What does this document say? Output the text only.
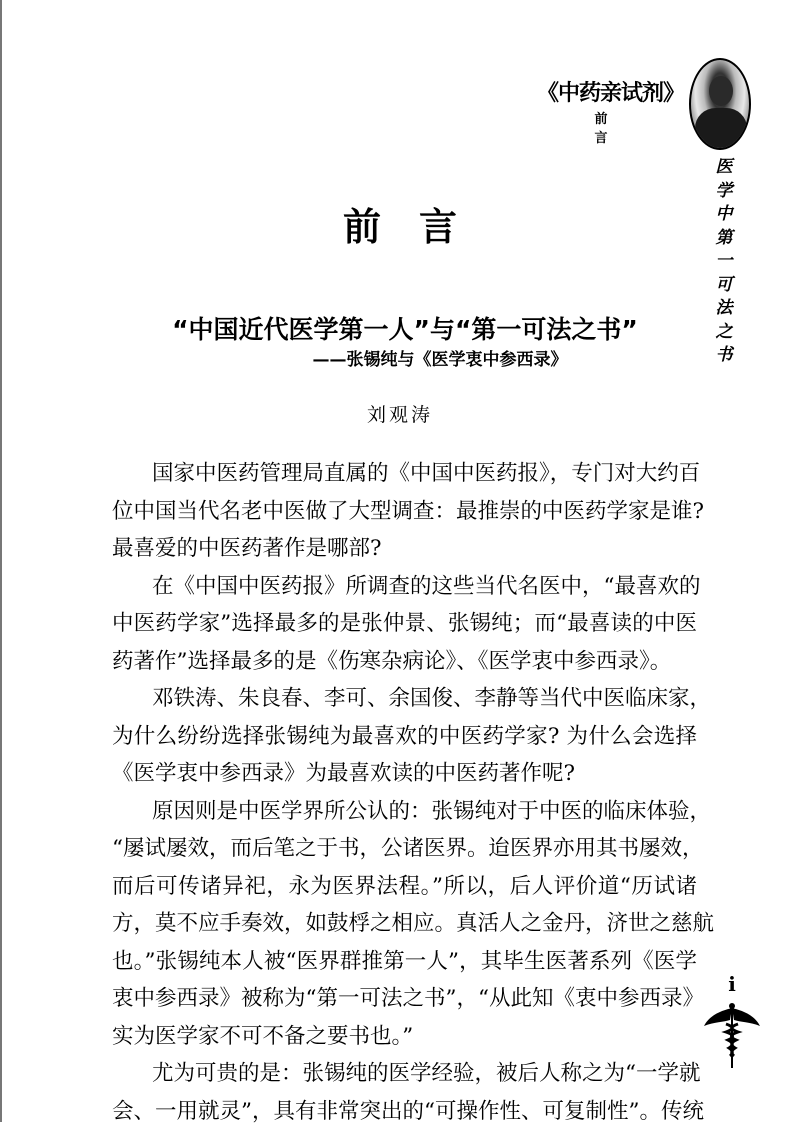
《中药亲试剂》
前 言
医
学
中
第
一
可
法
之
书
前言
“中国近代医学第一人”与“第一可法之书”
——张锡纯与《医学衷中参西录》
刘观涛
国家中医药管理局直属的《中国中医药报》，专门对大约百
位中国当代名老中医做了大型调查：最推崇的中医药学家是谁?
最喜爱的中医药著作是哪部?
在《中国中医药报》所调查的这些当代名医中，“最喜欢的
中医药学家”选择最多的是张仲景、张锡纯；而“最喜读的中医
药著作”选择最多的是《伤寒杂病论》、《医学衷中参西录》。
邓铁涛、朱良春、李可、余国俊、李静等当代中医临床家，
为什么纷纷选择张锡纯为最喜欢的中医药学家? 为什么会选择
《医学衷中参西录》为最喜欢读的中医药著作呢?
原因则是中医学界所公认的：张锡纯对于中医的临床体验，
“屡试屡效，而后笔之于书，公诸医界。迨医界亦用其书屡效，
而后可传诸异祀，永为医界法程。”所以，后人评价道“历试诸
方，莫不应手奏效，如鼓桴之相应。真活人之金丹，济世之慈航
也。”张锡纯本人被“医界群推第一人”，其毕生医著系列《医学
衷中参西录》被称为“第一可法之书”，“从此知《衷中参西录》
实为医学家不可不备之要书也。”
尤为可贵的是：张锡纯的医学经验，被后人称之为“一学就
会、一用就灵”，具有非常突出的“可操作性、可复制性”。传统
i
